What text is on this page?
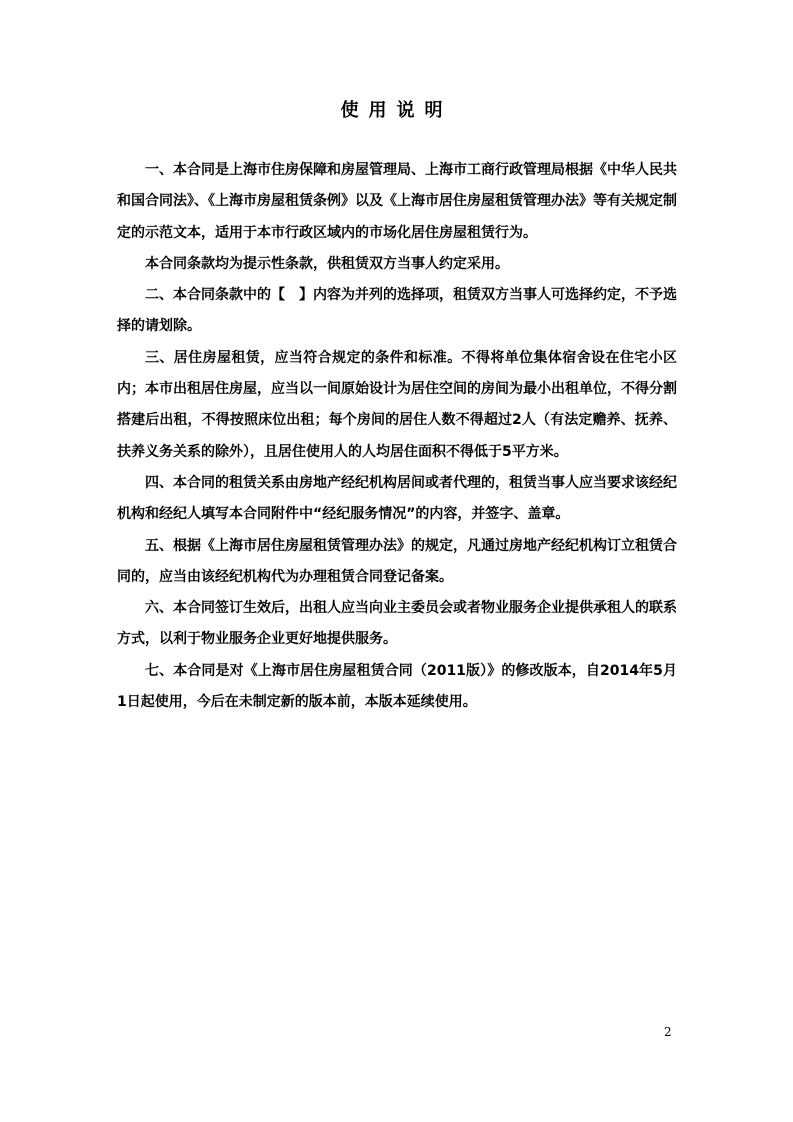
使用说明

一、本合同是上海市住房保障和房屋管理局、上海市工商行政管理局根据《中华人民共和国合同法》、《上海市房屋租赁条例》以及《上海市居住房屋租赁管理办法》等有关规定制定的示范文本，适用于本市行政区域内的市场化居住房屋租赁行为。

本合同条款均为提示性条款，供租赁双方当事人约定采用。

二、本合同条款中的【　】内容为并列的选择项，租赁双方当事人可选择约定，不予选择的请划除。

三、居住房屋租赁，应当符合规定的条件和标准。不得将单位集体宿舍设在住宅小区内；本市出租居住房屋，应当以一间原始设计为居住空间的房间为最小出租单位，不得分割搭建后出租，不得按照床位出租；每个房间的居住人数不得超过2人（有法定赡养、抚养、扶养义务关系的除外），且居住使用人的人均居住面积不得低于5平方米。

四、本合同的租赁关系由房地产经纪机构居间或者代理的，租赁当事人应当要求该经纪机构和经纪人填写本合同附件中“经纪服务情况”的内容，并签字、盖章。

五、根据《上海市居住房屋租赁管理办法》的规定，凡通过房地产经纪机构订立租赁合同的，应当由该经纪机构代为办理租赁合同登记备案。

六、本合同签订生效后，出租人应当向业主委员会或者物业服务企业提供承租人的联系方式，以利于物业服务企业更好地提供服务。

七、本合同是对《上海市居住房屋租赁合同（2011版）》的修改版本，自2014年5月1日起使用，今后在未制定新的版本前，本版本延续使用。

2
